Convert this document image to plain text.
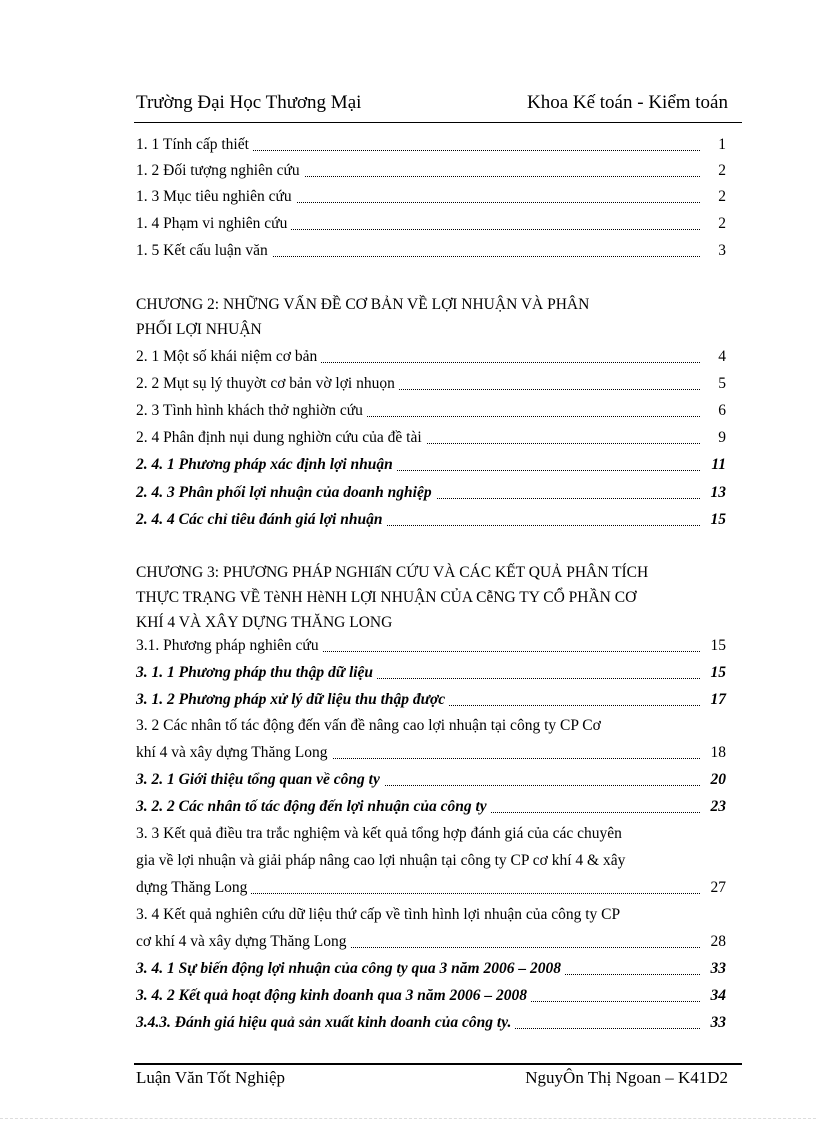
Trường Đại Học Thương Mại	Khoa Kế toán - Kiểm toán
1. 1 Tính cấp thiết	1
1. 2 Đối tượng nghiên cứu	2
1. 3 Mục tiêu nghiên cứu	2
1. 4 Phạm vi nghiên cứu	2
1. 5 Kết cấu luận văn	3
CHƯƠNG 2: NHỮNG VẤN ĐỀ CƠ BẢN VỀ LỢI NHUẬN VÀ PHÂN
PHỐI LỢI NHUẬN
2. 1 Một số khái niệm cơ bản	4
2. 2 Mụt sụ lý thuyờt cơ bản vờ lợi nhuọn	5
2. 3 Tình hình khách thở nghiờn cứu	6
2. 4 Phân định nụi dung nghiờn cứu của đề tài	9
2. 4. 1 Phương pháp xác định lợi nhuận	11
2. 4. 3 Phân phối lợi nhuận của doanh nghiệp	13
2. 4. 4 Các chỉ tiêu đánh giá lợi nhuận	15
CHƯƠNG 3: PHƯƠNG PHÁP NGHIấN CỨU VÀ CÁC KẾT QUẢ PHÂN TÍCH
THỰC TRẠNG VỀ TèNH HèNH LỢI NHUẬN CỦA CễNG TY CỔ PHẦN CƠ
KHÍ 4 VÀ XÂY DỰNG THĂNG LONG
3.1. Phương pháp nghiên cứu	15
3. 1. 1 Phương pháp thu thập dữ liệu	15
3. 1. 2 Phương pháp xử lý dữ liệu thu thập được	17
3. 2 Các nhân tố tác động đến vấn đề nâng cao lợi nhuận tại công ty CP Cơ
khí 4 và xây dựng Thăng Long	18
3. 2. 1 Giới thiệu tổng quan về công ty	20
3. 2. 2 Các nhân tố tác động đến lợi nhuận của công ty	23
3. 3 Kết quả điều tra trắc nghiệm và kết quả tổng hợp đánh giá của các chuyên
gia về lợi nhuận và giải pháp nâng cao lợi nhuận tại công ty CP cơ khí 4 & xây
dựng Thăng Long	27
3. 4 Kết quả nghiên cứu dữ liệu thứ cấp về tình hình lợi nhuận của công ty CP
cơ khí 4 và xây dựng Thăng Long	28
3. 4. 1 Sự biến động lợi nhuận của công ty qua 3 năm 2006 – 2008	33
3. 4. 2 Kết quả hoạt động kinh doanh qua 3 năm 2006 – 2008	34
3.4.3. Đánh giá hiệu quả sản xuất kinh doanh của công ty.	33
Luận Văn Tốt Nghiệp	NguyÔn Thị Ngoan – K41D2
